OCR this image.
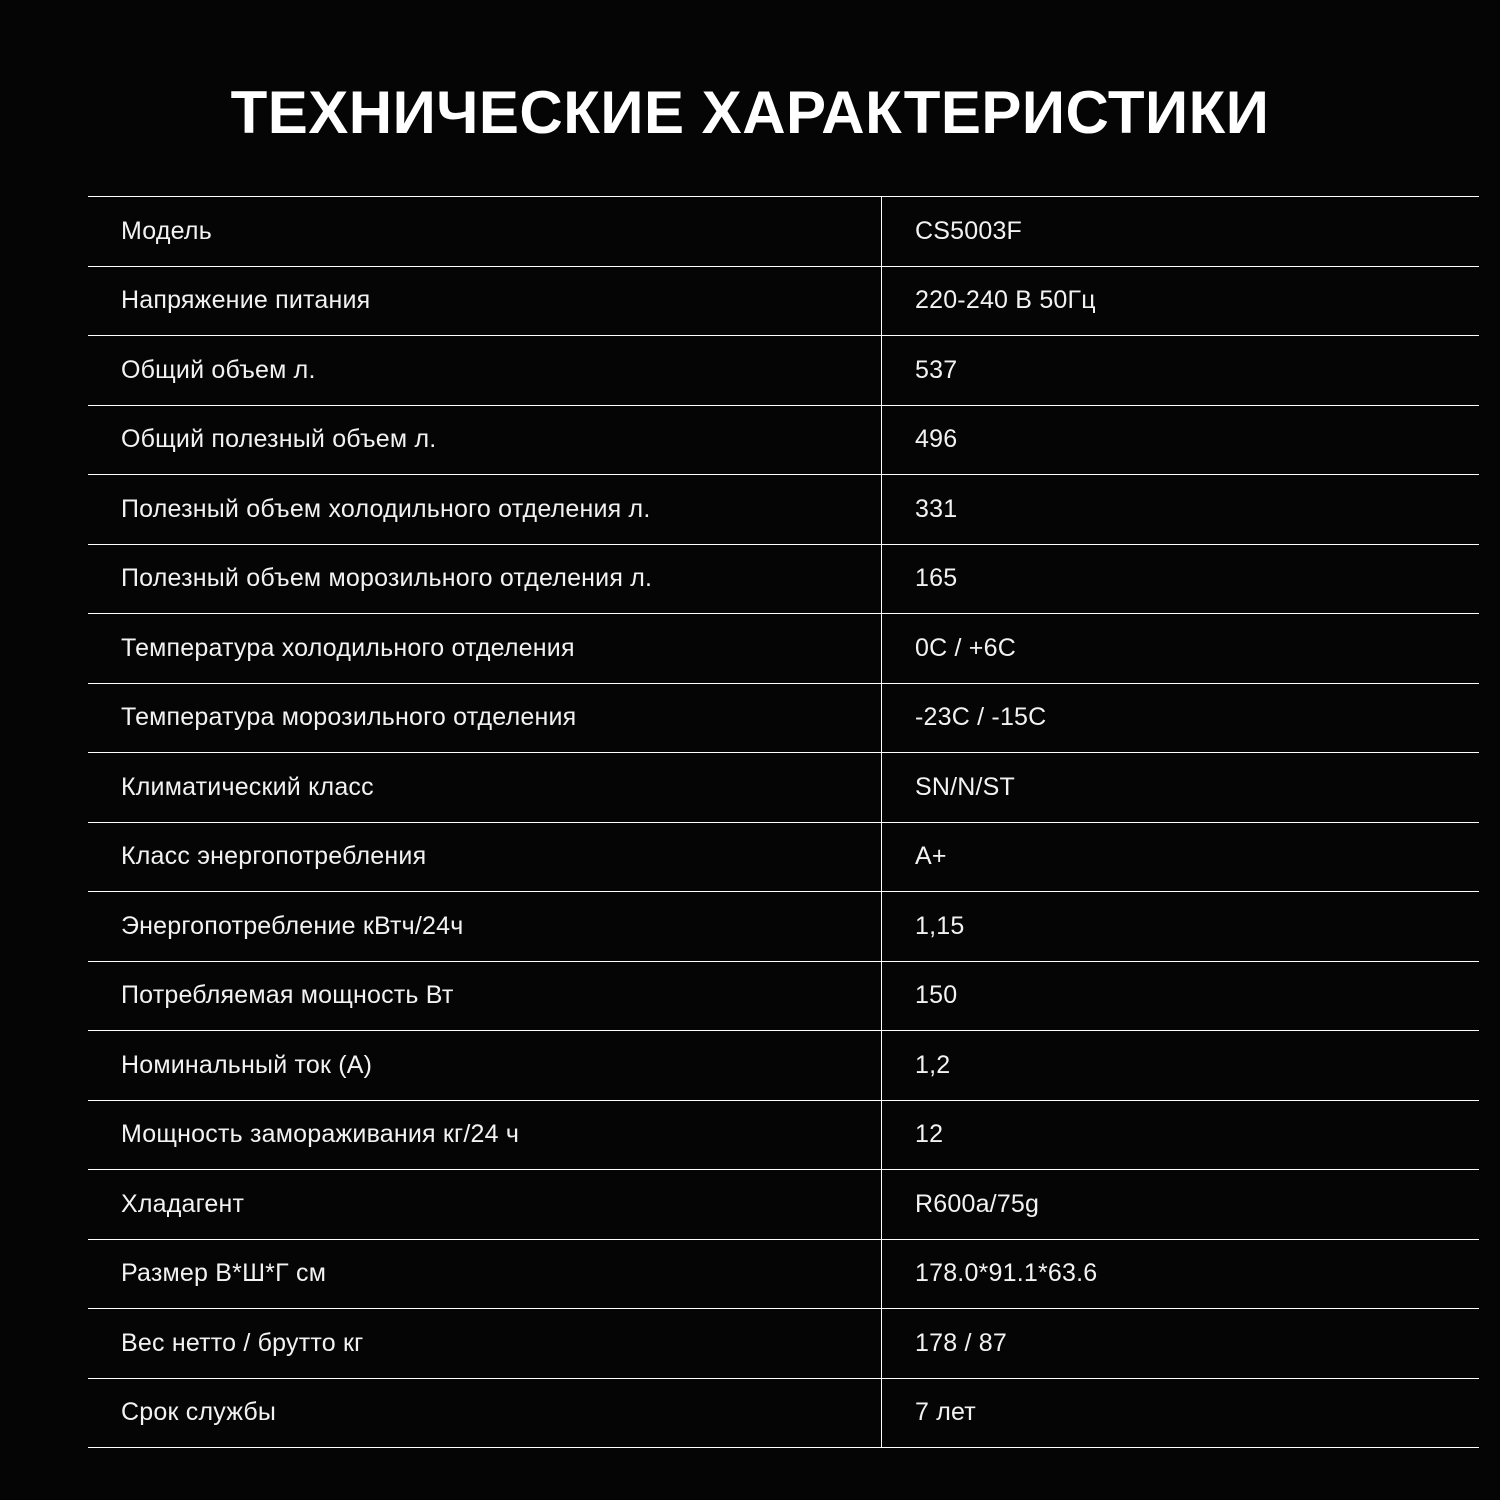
ТЕХНИЧЕСКИЕ ХАРАКТЕРИСТИКИ
Модель	CS5003F
Напряжение питания	220-240 В 50Гц
Общий объем л.	537
Общий полезный объем л.	496
Полезный объем холодильного отделения л.	331
Полезный объем морозильного отделения л.	165
Температура холодильного отделения	0С / +6С
Температура морозильного отделения	-23С / -15С
Климатический класс	SN/N/ST
Класс энергопотребления	А+
Энергопотребление кВтч/24ч	1,15
Потребляемая мощность Вт	150
Номинальный ток (А)	1,2
Мощность замораживания кг/24 ч	12
Хладагент	R600a/75g
Размер В*Ш*Г см	178.0*91.1*63.6
Вес нетто / брутто кг	178 / 87
Срок службы	7 лет
